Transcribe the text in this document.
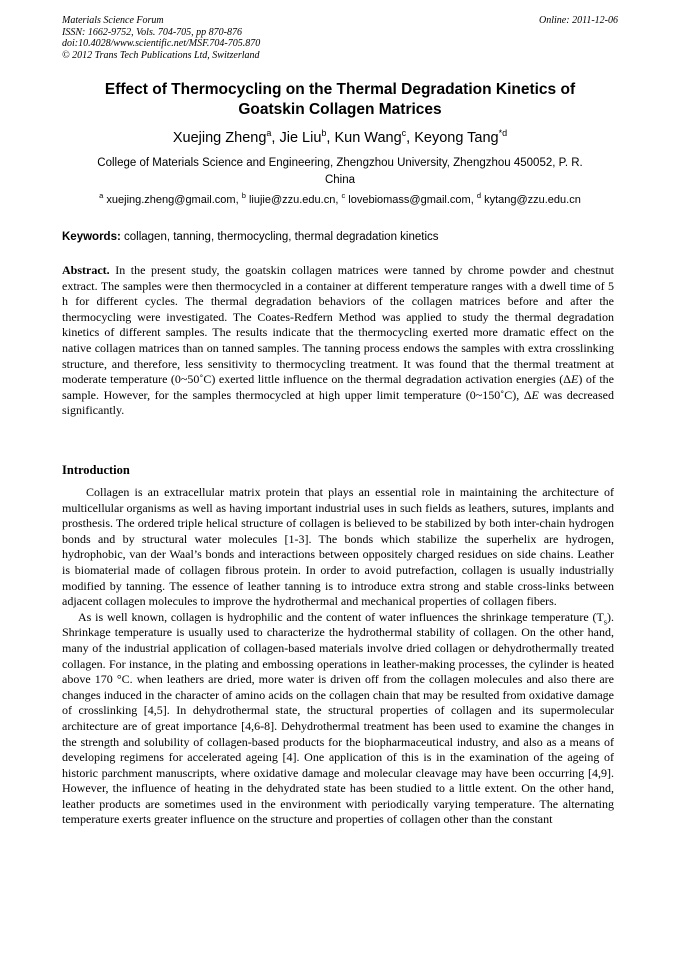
Materials Science Forum
ISSN: 1662-9752, Vols. 704-705, pp 870-876
doi:10.4028/www.scientific.net/MSF.704-705.870
© 2012 Trans Tech Publications Ltd, Switzerland
Online: 2011-12-06
Effect of Thermocycling on the Thermal Degradation Kinetics of
Goatskin Collagen Matrices
Xuejing Zheng$^a$, Jie Liu$^b$, Kun Wang$^c$, Keyong Tang$^{*d}$
College of Materials Science and Engineering, Zhengzhou University, Zhengzhou 450052, P. R.
China
$^a$ xuejing.zheng@gmail.com, $^b$ liujie@zzu.edu.cn, $^c$ lovebiomass@gmail.com, $^d$ kytang@zzu.edu.cn
Keywords: collagen, tanning, thermocycling, thermal degradation kinetics

Abstract. In the present study, the goatskin collagen matrices were tanned by chrome powder and chestnut extract. The samples were then thermocycled in a container at different temperature ranges with a dwell time of 5 h for different cycles. The thermal degradation behaviors of the collagen matrices before and after the thermocycling were investigated. The Coates-Redfern Method was applied to study the thermal degradation kinetics of different samples. The results indicate that the thermocycling exerted more dramatic effect on the native collagen matrices than on tanned samples. The tanning process endows the samples with extra crosslinking structure, and therefore, less sensitivity to thermocycling treatment. It was found that the thermal treatment at moderate temperature (0~50˚C) exerted little influence on the thermal degradation activation energies (ΔE) of the sample. However, for the samples thermocycled at high upper limit temperature (0~150˚C), ΔE was decreased significantly.

Introduction

Collagen is an extracellular matrix protein that plays an essential role in maintaining the architecture of multicellular organisms as well as having important industrial uses in such fields as leathers, sutures, implants and prosthesis. The ordered triple helical structure of collagen is believed to be stabilized by both inter-chain hydrogen bonds and by structural water molecules [1-3]. The bonds which stabilize the superhelix are hydrogen, hydrophobic, van der Waal’s bonds and interactions between oppositely charged residues on side chains. Leather is biomaterial made of collagen fibrous protein. In order to avoid putrefaction, collagen is usually industrially modified by tanning. The essence of leather tanning is to introduce extra strong and stable cross-links between adjacent collagen molecules to improve the hydrothermal and mechanical properties of collagen fibers.

As is well known, collagen is hydrophilic and the content of water influences the shrinkage temperature $(T_s)$. Shrinkage temperature is usually used to characterize the hydrothermal stability of collagen. On the other hand, many of the industrial application of collagen-based materials involve dried collagen or dehydrothermally treated collagen. For instance, in the plating and embossing operations in leather-making processes, the cylinder is heated above 170 °C. when leathers are dried, more water is driven off from the collagen molecules and also there are changes induced in the character of amino acids on the collagen chain that may be resulted from oxidative damage of crosslinking [4,5]. In dehydrothermal state, the structural properties of collagen and its supermolecular architecture are of great importance [4,6-8]. Dehydrothermal treatment has been used to examine the changes in the strength and solubility of collagen-based products for the biopharmaceutical industry, and also as a means of developing regimens for accelerated ageing [4]. One application of this is in the examination of the ageing of historic parchment manuscripts, where oxidative damage and molecular cleavage may have been occurring [4,9]. However, the influence of heating in the dehydrated state has been studied to a little extent. On the other hand, leather products are sometimes used in the environment with periodically varying temperature. The alternating temperature exerts greater influence on the structure and properties of collagen other than the constant
